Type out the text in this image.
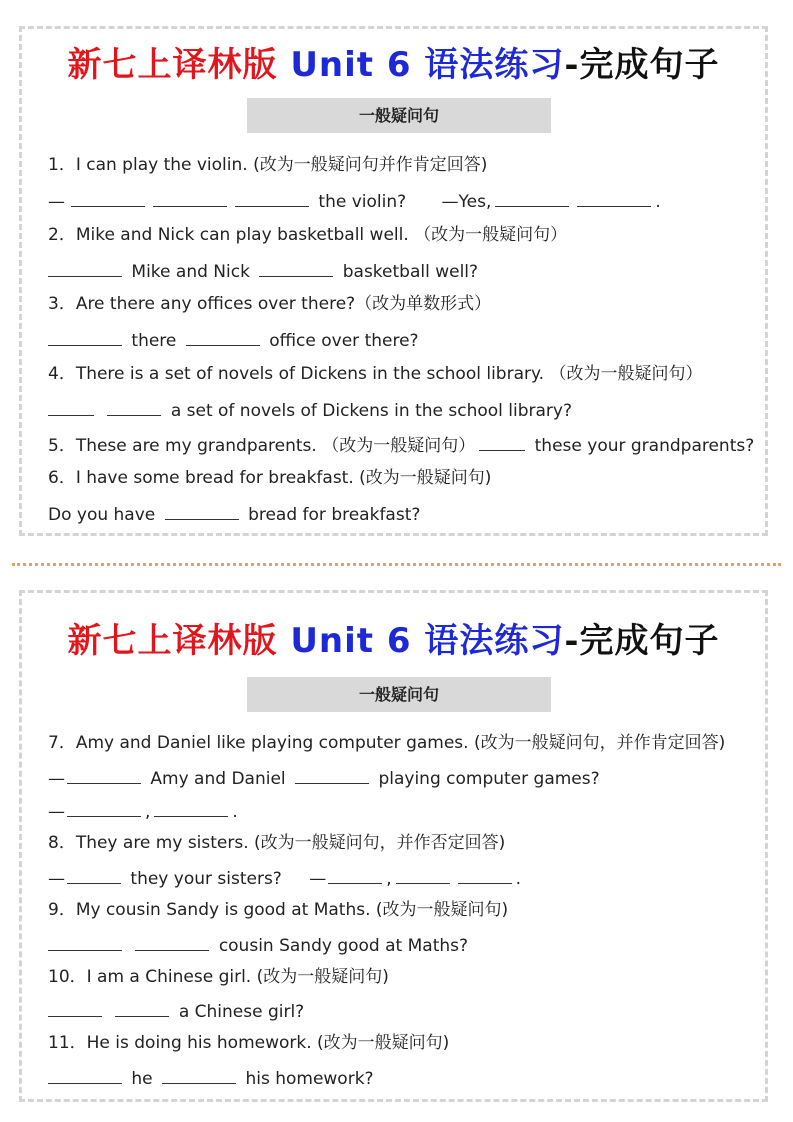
新七上译林版 Unit 6 语法练习-完成句子
一般疑问句
1．I can play the violin. (改为一般疑问句并作肯定回答)
—	the violin? —Yes,	.
2．Mike and Nick can play basketball well. （改为一般疑问句）
Mike and Nick	basketball well?
3．Are there any offices over there?（改为单数形式）
there	office over there?
4．There is a set of novels of Dickens in the school library. （改为一般疑问句）
a set of novels of Dickens in the school library?
5．These are my grandparents. （改为一般疑问句）	these your grandparents?
6．I have some bread for breakfast. (改为一般疑问句)
Do you have	bread for breakfast?
新七上译林版 Unit 6 语法练习-完成句子
一般疑问句
7．Amy and Daniel like playing computer games. (改为一般疑问句，并作肯定回答)
—	Amy and Daniel	playing computer games?
—	,	.
8．They are my sisters. (改为一般疑问句，并作否定回答)
—	they your sisters? —	,	.
9．My cousin Sandy is good at Maths. (改为一般疑问句)
cousin Sandy good at Maths?
10．I am a Chinese girl. (改为一般疑问句)
a Chinese girl?
11．He is doing his homework. (改为一般疑问句)
he	his homework?
